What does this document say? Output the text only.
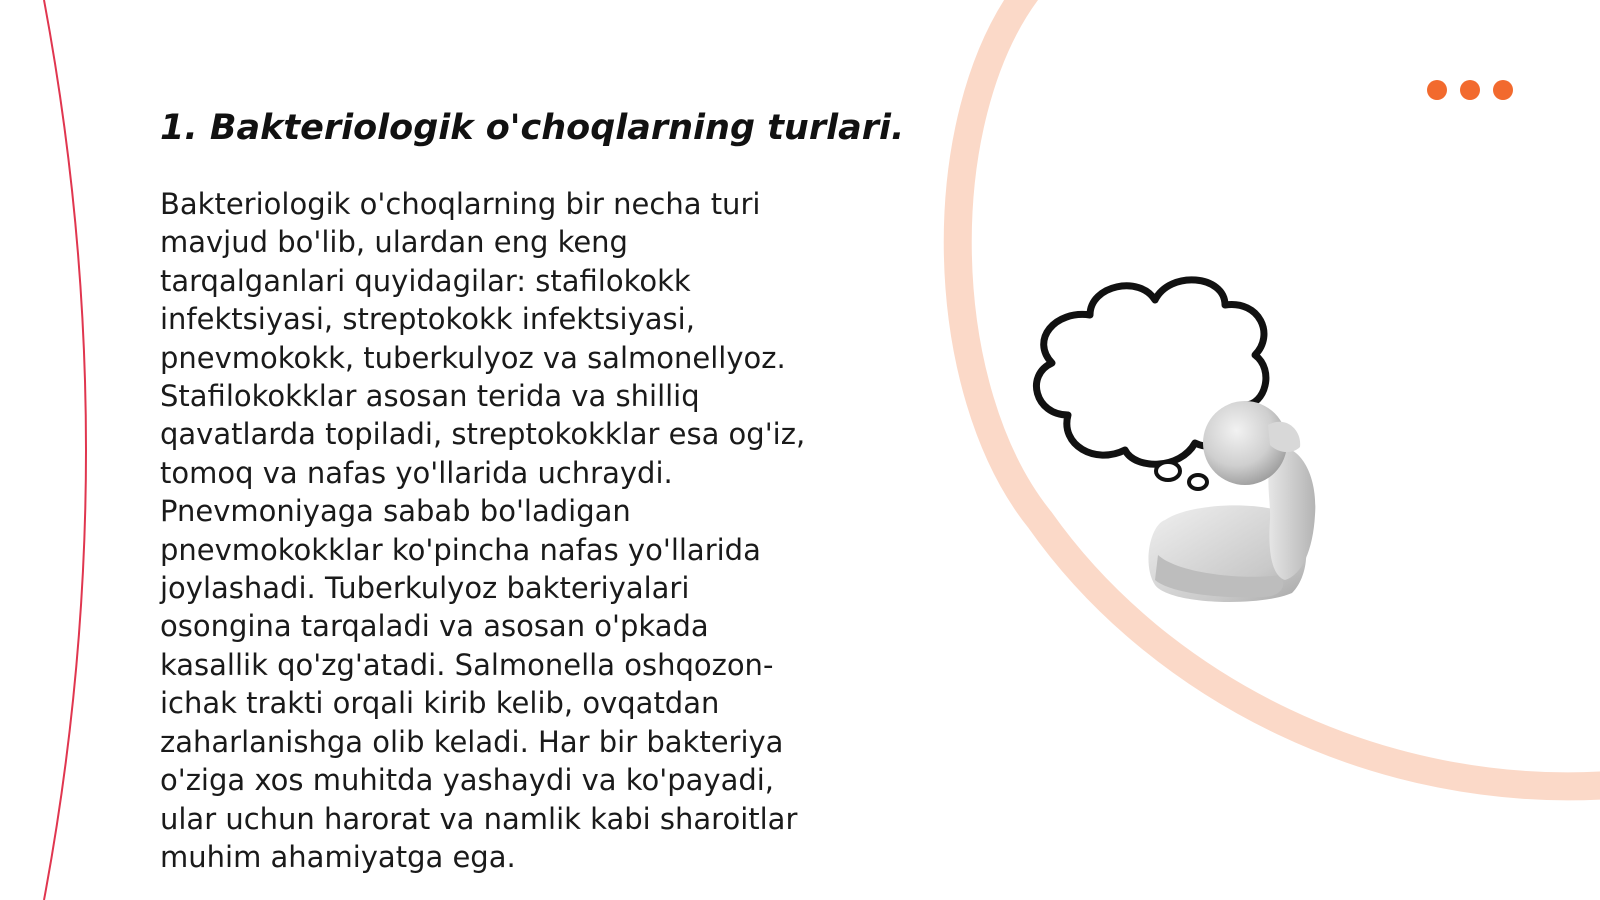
1. Bakteriologik o'choqlarning turlari.
Bakteriologik o'choqlarning bir necha turi
mavjud bo'lib, ulardan eng keng
tarqalganlari quyidagilar: stafilokokk
infektsiyasi, streptokokk infektsiyasi,
pnevmokokk, tuberkulyoz va salmonellyoz.
Stafilokokklar asosan terida va shilliq
qavatlarda topiladi, streptokokklar esa og'iz,
tomoq va nafas yo'llarida uchraydi.
Pnevmoniyaga sabab bo'ladigan
pnevmokokklar ko'pincha nafas yo'llarida
joylashadi. Tuberkulyoz bakteriyalari
osongina tarqaladi va asosan o'pkada
kasallik qo'zg'atadi. Salmonella oshqozon-
ichak trakti orqali kirib kelib, ovqatdan
zaharlanishga olib keladi. Har bir bakteriya
o'ziga xos muhitda yashaydi va ko'payadi,
ular uchun harorat va namlik kabi sharoitlar
muhim ahamiyatga ega.
